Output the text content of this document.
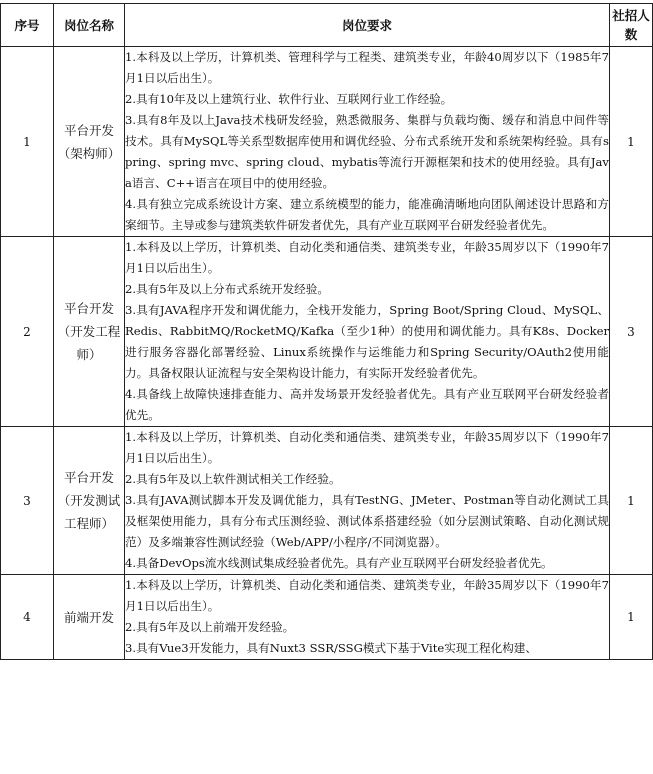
序号	岗位名称	岗位要求	社招人数
1	平台开发（架构师）	1.本科及以上学历，计算机类、管理科学与工程类、建筑类专业，年龄40周岁以下（1985年7月1日以后出生）。

2.具有10年及以上建筑行业、软件行业、互联网行业工作经验。

3.具有8年及以上Java技术栈研发经验，熟悉微服务、集群与负载均衡、缓存和消息中间件等技术。具有MySQL等关系型数据库使用和调优经验、分布式系统开发和系统架构经验。具有spring、spring mvc、spring cloud、mybatis等流行开源框架和技术的使用经验。具有Java语言、C++语言在项目中的使用经验。

4.具有独立完成系统设计方案、建立系统模型的能力，能准确清晰地向团队阐述设计思路和方案细节。主导或参与建筑类软件研发者优先，具有产业互联网平台研发经验者优先。	1
2	平台开发（开发工程师）	1.本科及以上学历，计算机类、自动化类和通信类、建筑类专业，年龄35周岁以下（1990年7月1日以后出生）。

2.具有5年及以上分布式系统开发经验。

3.具有JAVA程序开发和调优能力，全栈开发能力，Spring Boot/Spring Cloud、MySQL、Redis、RabbitMQ/RocketMQ/Kafka（至少1种）的使用和调优能力。具有K8s、Docker进行服务容器化部署经验、Linux系统操作与运维能力和Spring Security/OAuth2使用能力。具备权限认证流程与安全架构设计能力，有实际开发经验者优先。

4.具备线上故障快速排查能力、高并发场景开发经验者优先。具有产业互联网平台研发经验者优先。	3
3	平台开发（开发测试工程师）	1.本科及以上学历，计算机类、自动化类和通信类、建筑类专业，年龄35周岁以下（1990年7月1日以后出生）。

2.具有5年及以上软件测试相关工作经验。

3.具有JAVA测试脚本开发及调优能力，具有TestNG、JMeter、Postman等自动化测试工具及框架使用能力，具有分布式压测经验、测试体系搭建经验（如分层测试策略、自动化测试规范）及多端兼容性测试经验（Web/APP/小程序/不同浏览器）。

4.具备DevOps流水线测试集成经验者优先。具有产业互联网平台研发经验者优先。	1
4	前端开发	1.本科及以上学历，计算机类、自动化类和通信类、建筑类专业，年龄35周岁以下（1990年7月1日以后出生）。

2.具有5年及以上前端开发经验。

3.具有Vue3开发能力，具有Nuxt3 SSR/SSG模式下基于Vite实现工程化构建、	1
